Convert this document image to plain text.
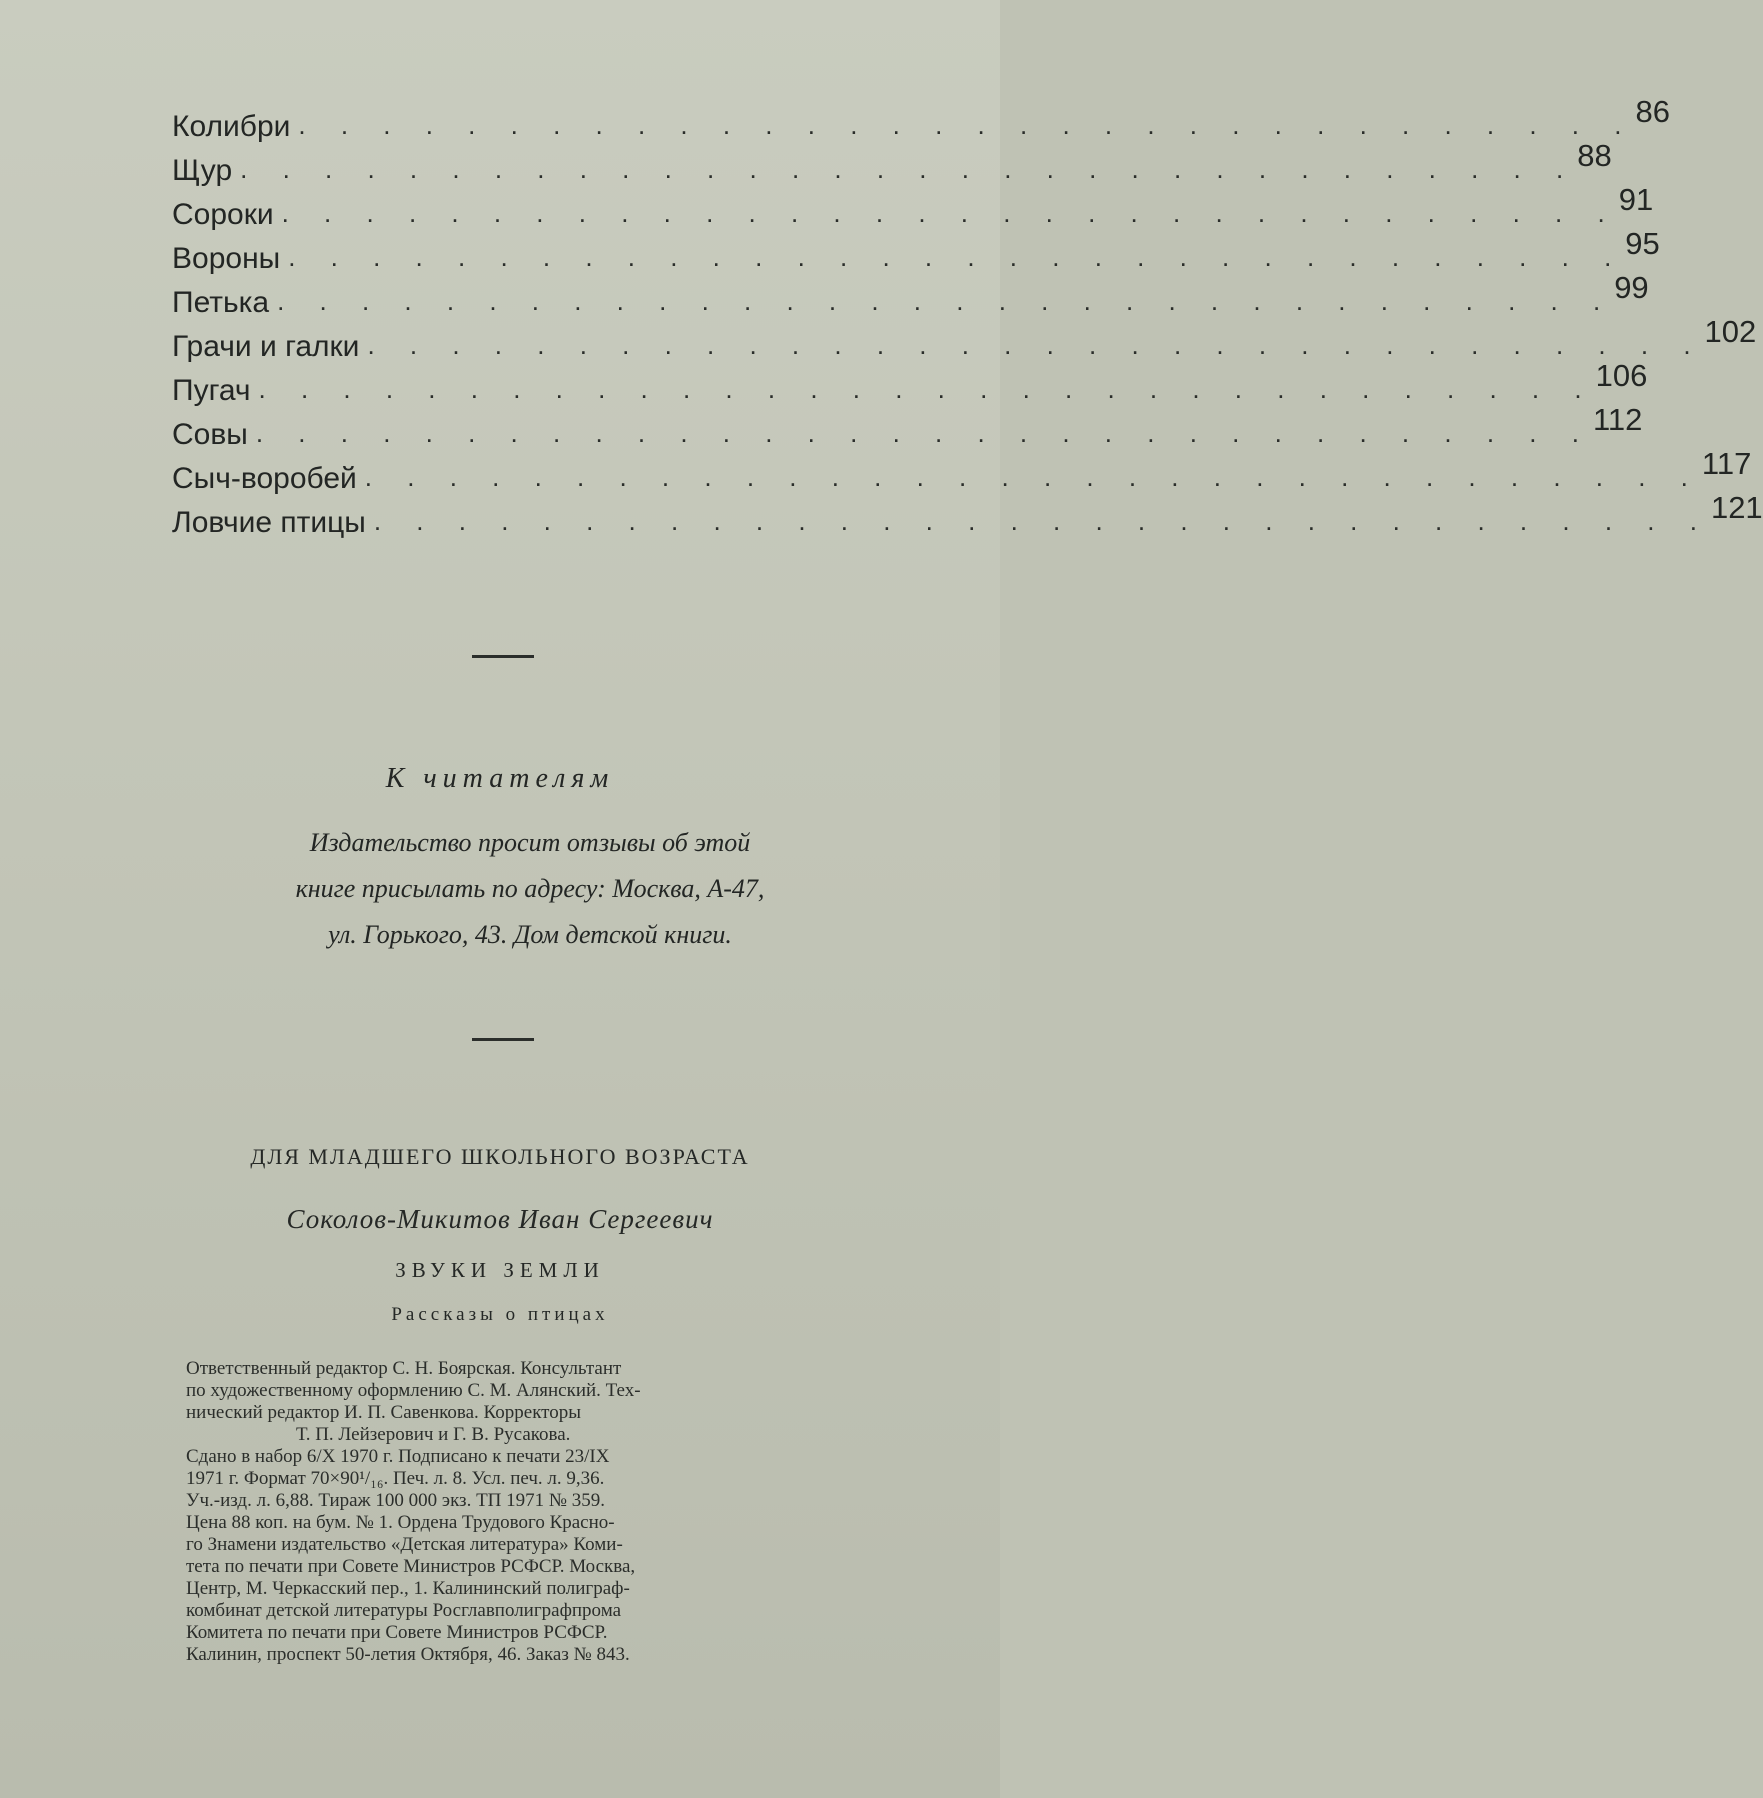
Колибри . . . . . . . . . . . . . . . . . . . . . . . . . . . . . . . . 86
Щур . . . . . . . . . . . . . . . . . . . . . . . . . . . . . . . . 88
Сороки . . . . . . . . . . . . . . . . . . . . . . . . . . . . . . . . 91
Вороны . . . . . . . . . . . . . . . . . . . . . . . . . . . . . . . . 95
Петька . . . . . . . . . . . . . . . . . . . . . . . . . . . . . . . . 99
Грачи и галки . . . . . . . . . . . . . . . . . . . . . . . . . . . . . . . . 102
Пугач . . . . . . . . . . . . . . . . . . . . . . . . . . . . . . . . 106
Совы . . . . . . . . . . . . . . . . . . . . . . . . . . . . . . . . 112
Сыч-воробей . . . . . . . . . . . . . . . . . . . . . . . . . . . . . . . . 117
Ловчие птицы . . . . . . . . . . . . . . . . . . . . . . . . . . . . . . . . 121
К читателям
Издательство просит отзывы об этой
книге присылать по адресу: Москва, А-47,
ул. Горького, 43. Дом детской книги.
ДЛЯ МЛАДШЕГО ШКОЛЬНОГО ВОЗРАСТА
Соколов-Микитов Иван Сергеевич
ЗВУКИ ЗЕМЛИ
Рассказы о птицах
Ответственный редактор С. Н. Боярская. Консультант
по художественному оформлению С. М. Алянский. Тех-
нический редактор И. П. Савенкова. Корректоры
Т. П. Лейзерович и Г. В. Русакова.
Сдано в набор 6/X 1970 г. Подписано к печати 23/IX
1971 г. Формат 70×90¹/₁₆. Печ. л. 8. Усл. печ. л. 9,36.
Уч.-изд. л. 6,88. Тираж 100 000 экз. ТП 1971 № 359.
Цена 88 коп. на бум. № 1. Ордена Трудового Красно-
го Знамени издательство «Детская литература» Коми-
тета по печати при Совете Министров РСФСР. Москва,
Центр, М. Черкасский пер., 1. Калининский полиграф-
комбинат детской литературы Росглавполиграфпрома
Комитета по печати при Совете Министров РСФСР.
Калинин, проспект 50-летия Октября, 46. Заказ № 843.
